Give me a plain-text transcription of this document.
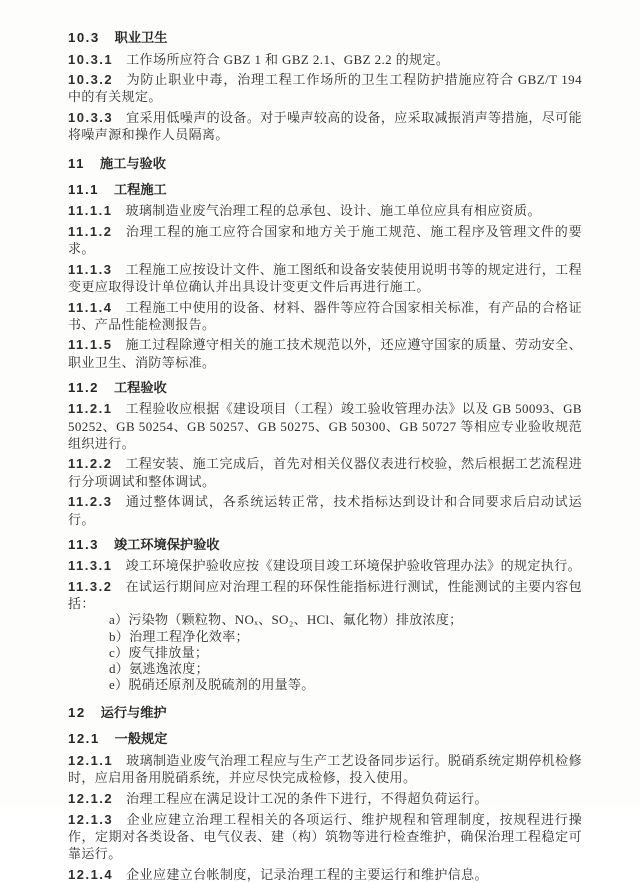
10.3 职业卫生

10.3.1 工作场所应符合 GBZ 1 和 GBZ 2.1、GBZ 2.2 的规定。

10.3.2 为防止职业中毒，治理工程工作场所的卫生工程防护措施应符合 GBZ/T 194 中的有关规定。

10.3.3 宜采用低噪声的设备。对于噪声较高的设备，应采取减振消声等措施，尽可能将噪声源和操作人员隔离。

11 施工与验收
11.1 工程施工

11.1.1 玻璃制造业废气治理工程的总承包、设计、施工单位应具有相应资质。

11.1.2 治理工程的施工应符合国家和地方关于施工规范、施工程序及管理文件的要求。

11.1.3 工程施工应按设计文件、施工图纸和设备安装使用说明书等的规定进行，工程变更应取得设计单位确认并出具设计变更文件后再进行施工。

11.1.4 工程施工中使用的设备、材料、器件等应符合国家相关标准，有产品的合格证书、产品性能检测报告。

11.1.5 施工过程除遵守相关的施工技术规范以外，还应遵守国家的质量、劳动安全、职业卫生、消防等标准。

11.2 工程验收

11.2.1 工程验收应根据《建设项目（工程）竣工验收管理办法》以及 GB 50093、GB 50252、GB 50254、GB 50257、GB 50275、GB 50300、GB 50727 等相应专业验收规范组织进行。

11.2.2 工程安装、施工完成后，首先对相关仪器仪表进行校验，然后根据工艺流程进行分项调试和整体调试。

11.2.3 通过整体调试，各系统运转正常，技术指标达到设计和合同要求后启动试运行。

11.3 竣工环境保护验收

11.3.1 竣工环境保护验收应按《建设项目竣工环境保护验收管理办法》的规定执行。

11.3.2 在试运行期间应对治理工程的环保性能指标进行测试，性能测试的主要内容包括：

a）污染物（颗粒物、NOₓ、SO₂、HCl、氟化物）排放浓度；
b）治理工程净化效率；
c）废气排放量；
d）氨逃逸浓度；
e）脱硝还原剂及脱硫剂的用量等。
12 运行与维护
12.1 一般规定

12.1.1 玻璃制造业废气治理工程应与生产工艺设备同步运行。脱硝系统定期停机检修时，应启用备用脱硝系统，并应尽快完成检修，投入使用。

12.1.2 治理工程应在满足设计工况的条件下进行，不得超负荷运行。

12.1.3 企业应建立治理工程相关的各项运行、维护规程和管理制度，按规程进行操作，定期对各类设备、电气仪表、建（构）筑物等进行检查维护，确保治理工程稳定可靠运行。

12.1.4 企业应建立台帐制度，记录治理工程的主要运行和维护信息。
